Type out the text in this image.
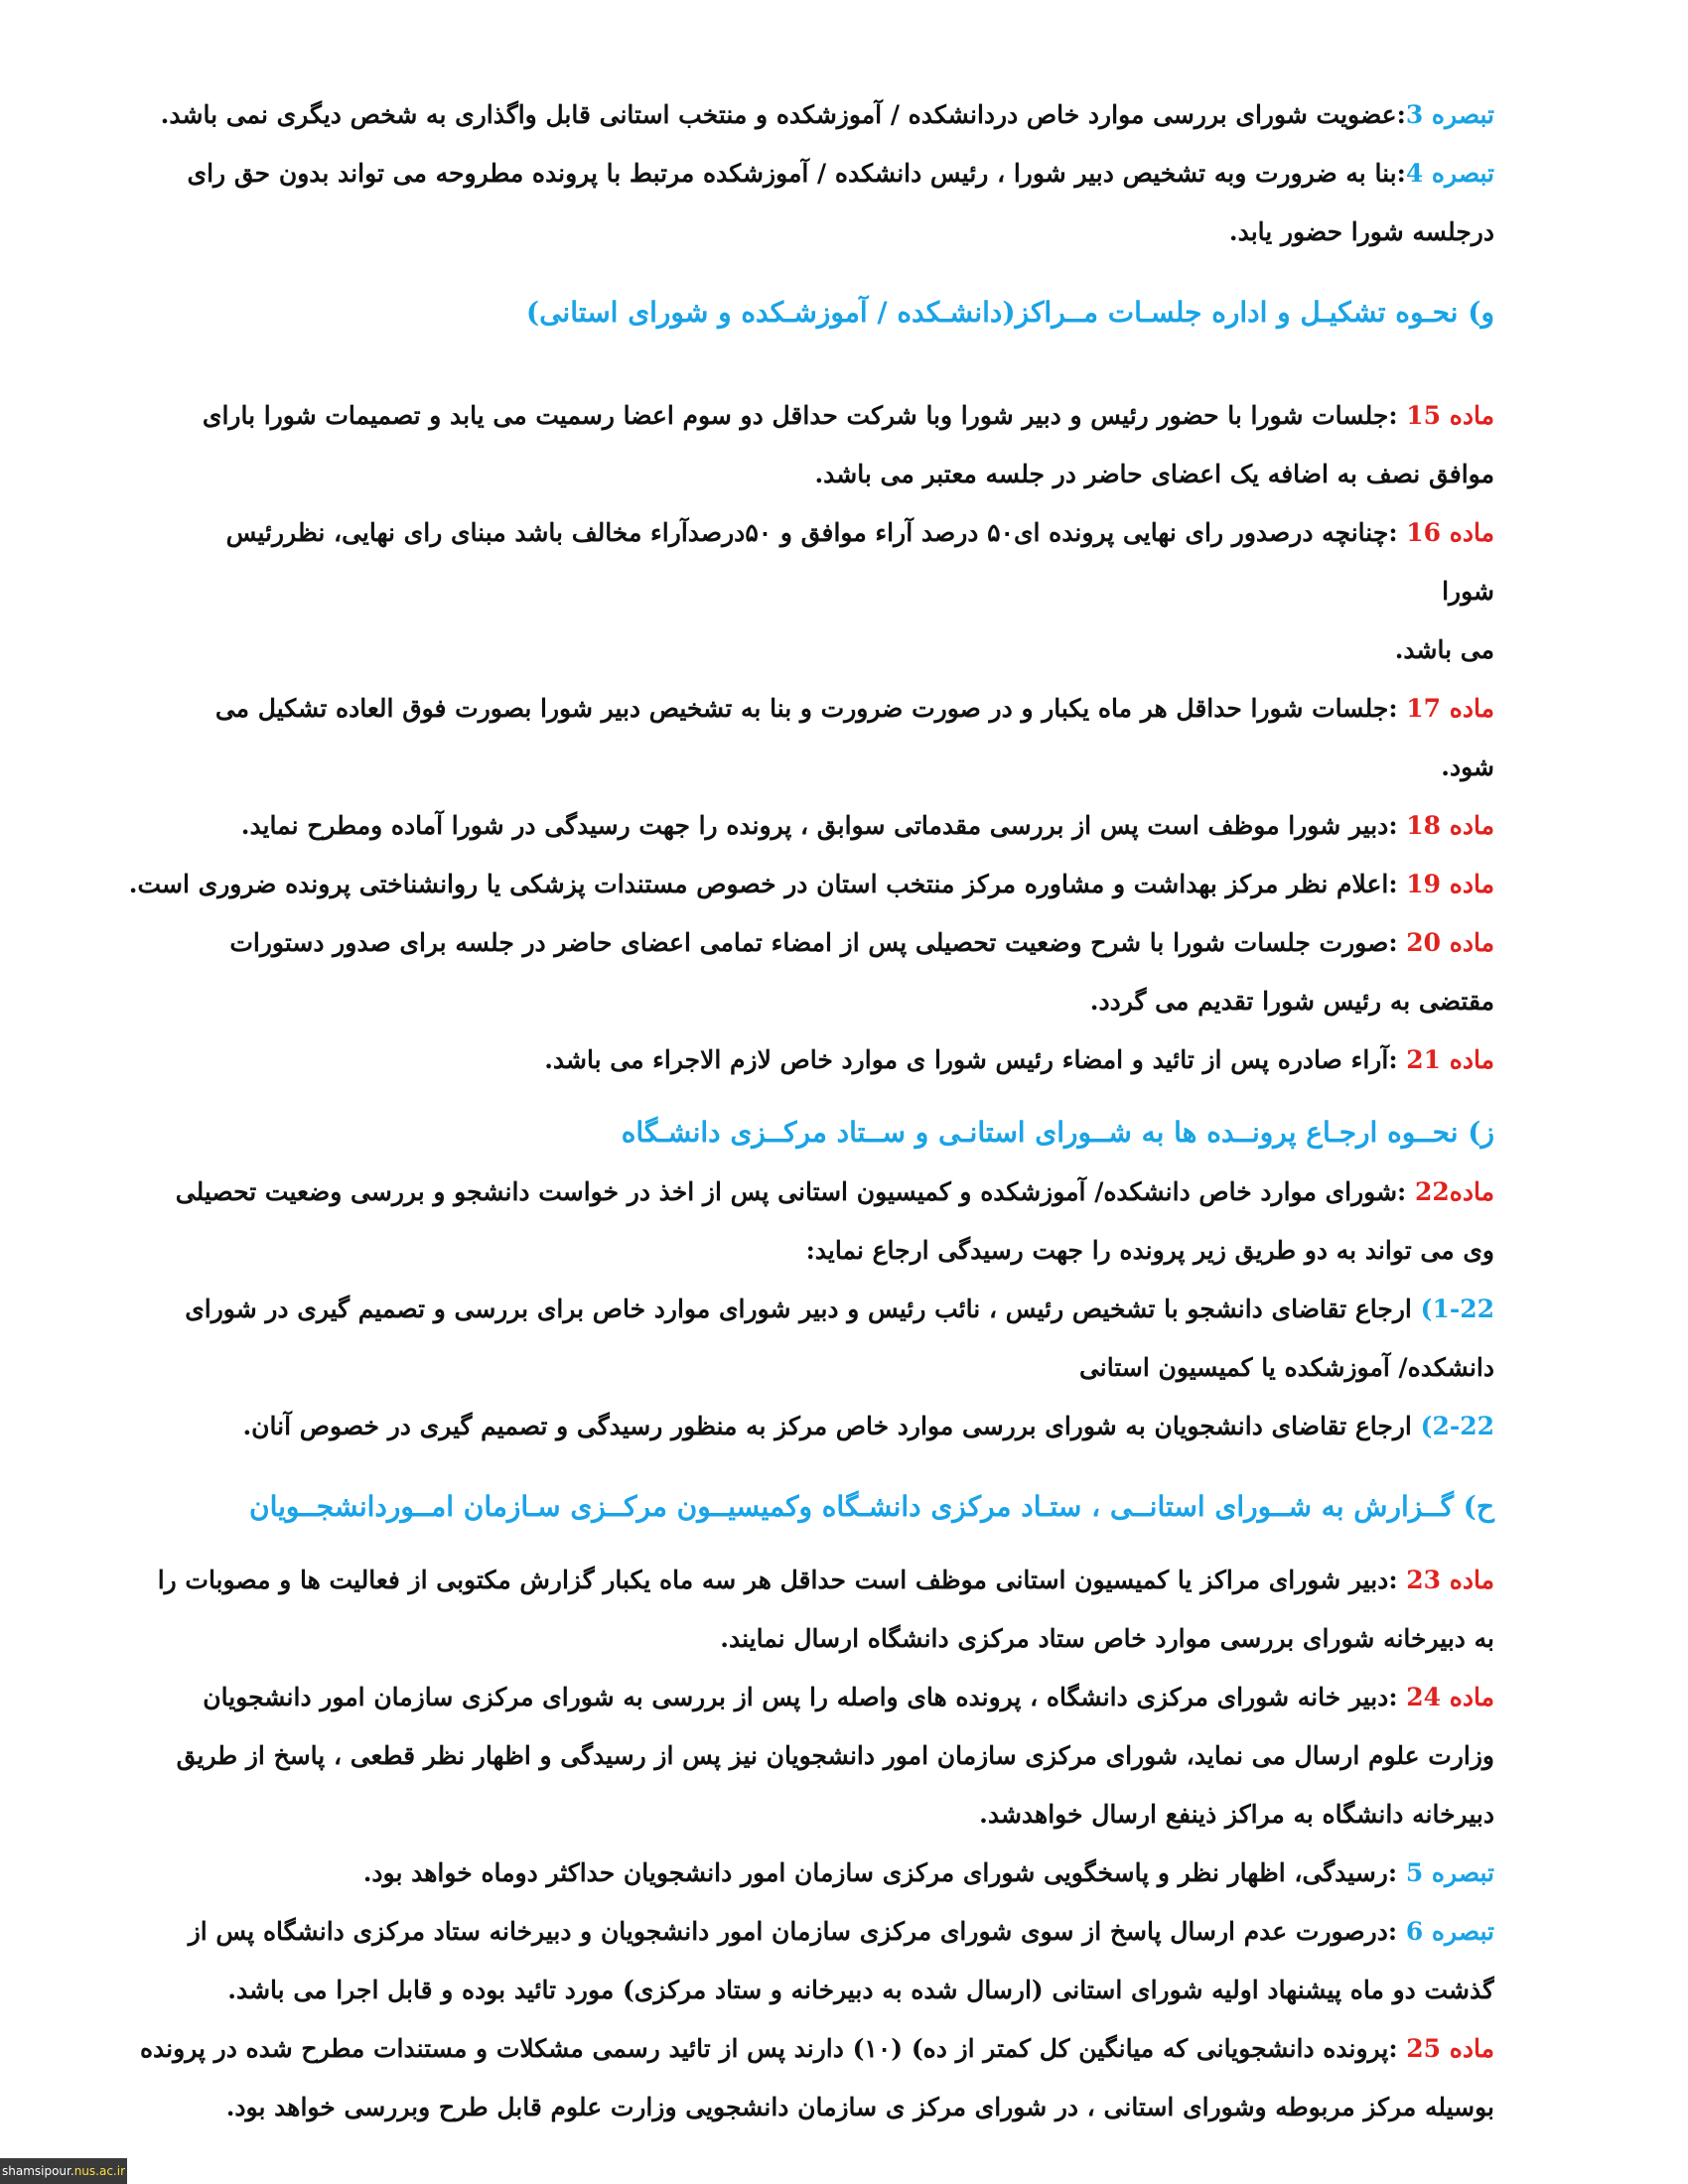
تبصره 3:عضویت شورای بررسی موارد خاص دردانشکده / آموزشکده و منتخب استانی قابل واگذاری به شخص دیگری نمی باشد.

تبصره 4:بنا به ضرورت وبه تشخیص دبیر شورا ، رئیس دانشکده / آموزشکده مرتبط با پرونده مطروحه می تواند بدون حق رای

درجلسه شورا حضور یابد.

و) نحـوه تشکیـل و اداره جلسـات مــراکز(دانشـکده / آموزشـکده و شورای استانی)

ماده 15 :جلسات شورا با حضور رئیس و دبیر شورا وبا شرکت حداقل دو سوم اعضا رسمیت می یابد و تصمیمات شورا بارای

موافق نصف به اضافه یک اعضای حاضر در جلسه معتبر می باشد.

ماده 16 :چنانچه درصدور رای نهایی پرونده ای۵۰ درصد آراء موافق و ۵۰درصدآراء مخالف باشد مبنای رای نهایی، نظررئیس

شورا

می باشد.

ماده 17 :جلسات شورا حداقل هر ماه یکبار و در صورت ضرورت و بنا به تشخیص دبیر شورا بصورت فوق العاده تشکیل می

شود.

ماده 18 :دبیر شورا موظف است پس از بررسی مقدماتی سوابق ، پرونده را جهت رسیدگی در شورا آماده ومطرح نماید.

ماده 19 :اعلام نظر مرکز بهداشت و مشاوره مرکز منتخب استان در خصوص مستندات پزشکی یا روانشناختی پرونده ضروری است.

ماده 20 :صورت جلسات شورا با شرح وضعیت تحصیلی پس از امضاء تمامی اعضای حاضر در جلسه برای صدور دستورات

مقتضی به رئیس شورا تقدیم می گردد.

ماده 21 :آراء صادره پس از تائید و امضاء رئیس شورا ی موارد خاص لازم الاجراء می باشد.

ز) نحــوه ارجـاع پرونــده ها به شــورای استانـی و ســتاد مرکــزی دانشـگاه

ماده22 :شورای موارد خاص دانشکده/ آموزشکده و کمیسیون استانی پس از اخذ در خواست دانشجو و بررسی وضعیت تحصیلی

وی می تواند به دو طریق زیر پرونده را جهت رسیدگی ارجاع نماید:

1-22) ارجاع تقاضای دانشجو با تشخیص رئیس ، نائب رئیس و دبیر شورای موارد خاص برای بررسی و تصمیم گیری در شورای

دانشکده/ آموزشکده یا کمیسیون استانی

2-22) ارجاع تقاضای دانشجویان به شورای بررسی موارد خاص مرکز به منظور رسیدگی و تصمیم گیری در خصوص آنان.

ح) گــزارش به شــورای استانــی ، ستـاد مرکزی دانشـگاه وکمیسیــون مرکــزی سـازمان امــوردانشجــویان

ماده 23 :دبیر شورای مراکز یا کمیسیون استانی موظف است حداقل هر سه ماه یکبار گزارش مکتوبی از فعالیت ها و مصوبات را

به دبیرخانه شورای بررسی موارد خاص ستاد مرکزی دانشگاه ارسال نمایند.

ماده 24 :دبیر خانه شورای مرکزی دانشگاه ، پرونده های واصله را پس از بررسی به شورای مرکزی سازمان امور دانشجویان

وزارت علوم ارسال می نماید، شورای مرکزی سازمان امور دانشجویان نیز پس از رسیدگی و اظهار نظر قطعی ، پاسخ از طریق

دبیرخانه دانشگاه به مراکز ذینفع ارسال خواهدشد.

تبصره 5 :رسیدگی، اظهار نظر و پاسخگویی شورای مرکزی سازمان امور دانشجویان حداکثر دوماه خواهد بود.

تبصره 6 :درصورت عدم ارسال پاسخ از سوی شورای مرکزی سازمان امور دانشجویان و دبیرخانه ستاد مرکزی دانشگاه پس از

گذشت دو ماه پیشنهاد اولیه شورای استانی (ارسال شده به دبیرخانه و ستاد مرکزی) مورد تائید بوده و قابل اجرا می باشد.

ماده 25 :پرونده دانشجویانی که میانگین کل کمتر از ده) (۱۰) دارند پس از تائید رسمی مشکلات و مستندات مطرح شده در پرونده

بوسیله مرکز مربوطه وشورای استانی ، در شورای مرکز ی سازمان دانشجویی وزارت علوم قابل طرح وبررسی خواهد بود.

shamsipour.nus.ac.ir
